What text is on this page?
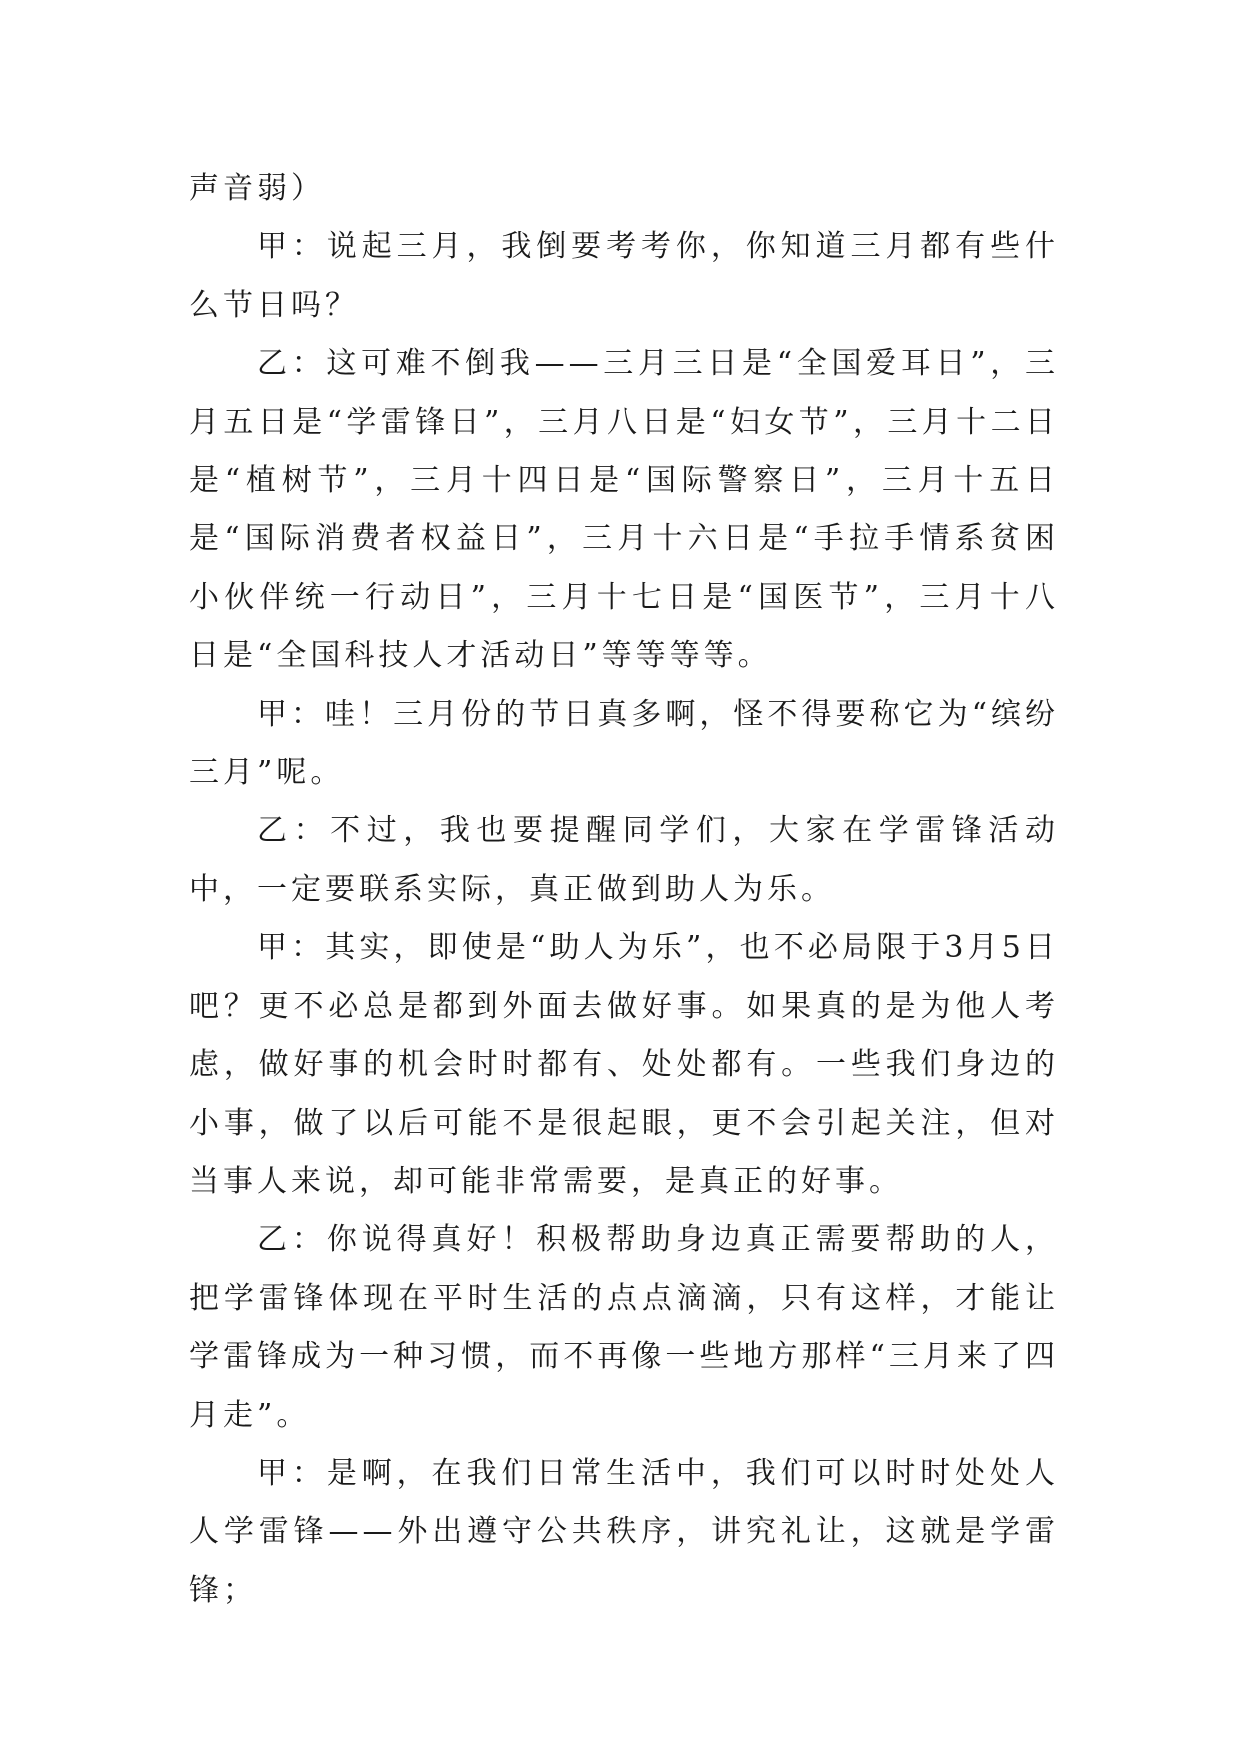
声音弱）

甲：说起三月，我倒要考考你，你知道三月都有些什么节日吗？

乙：这可难不倒我——三月三日是“全国爱耳日”，三月五日是“学雷锋日”，三月八日是“妇女节”，三月十二日是“植树节”，三月十四日是“国际警察日”，三月十五日是“国际消费者权益日”，三月十六日是“手拉手情系贫困小伙伴统一行动日”，三月十七日是“国医节”，三月十八日是“全国科技人才活动日”等等等等。

甲：哇！三月份的节日真多啊，怪不得要称它为“缤纷三月”呢。

乙：不过，我也要提醒同学们，大家在学雷锋活动中，一定要联系实际，真正做到助人为乐。

甲：其实，即使是“助人为乐”，也不必局限于3月5日吧？更不必总是都到外面去做好事。如果真的是为他人考虑，做好事的机会时时都有、处处都有。一些我们身边的小事，做了以后可能不是很起眼，更不会引起关注，但对当事人来说，却可能非常需要，是真正的好事。

乙：你说得真好！积极帮助身边真正需要帮助的人，把学雷锋体现在平时生活的点点滴滴，只有这样，才能让学雷锋成为一种习惯，而不再像一些地方那样“三月来了四月走”。

甲：是啊，在我们日常生活中，我们可以时时处处人人学雷锋——外出遵守公共秩序，讲究礼让，这就是学雷锋；
